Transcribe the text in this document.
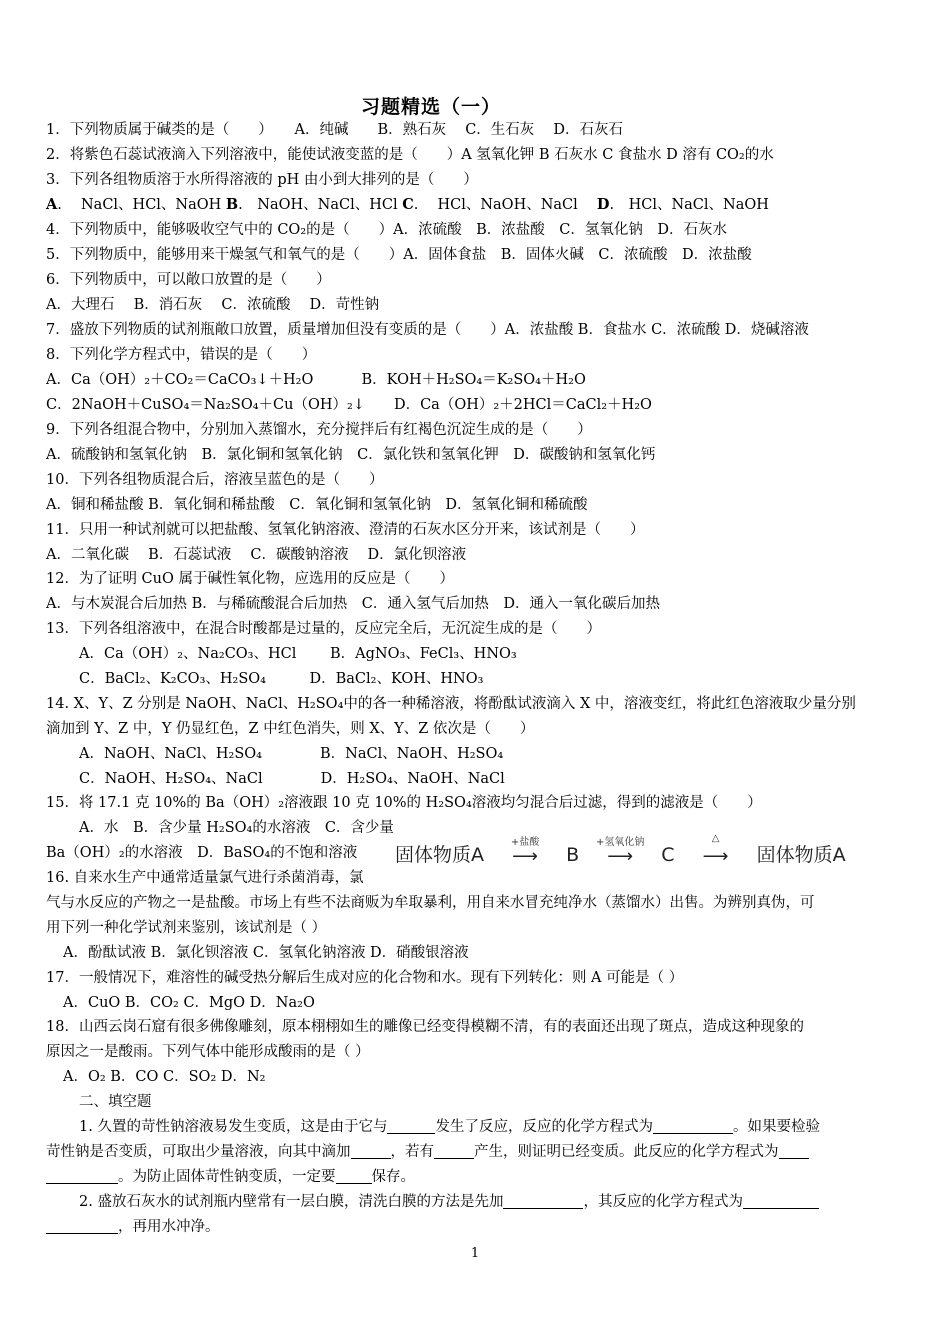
习题精选（一）
1．下列物质属于碱类的是（　　）　　A．纯碱　　B．熟石灰　 C．生石灰　 D．石灰石
2．将紫色石蕊试液滴入下列溶液中，能使试液变蓝的是（　　）A 氢氧化钾 B 石灰水 C 食盐水 D 溶有 CO₂的水
3．下列各组物质溶于水所得溶液的 pH 由小到大排列的是（　　）
A.　 NaCl、HCl、NaOH B.　NaOH、NaCl、HCl C.　 HCl、NaOH、NaCl　 D.　HCl、NaCl、NaOH
4．下列物质中，能够吸收空气中的 CO₂的是（　　）A．浓硫酸　B．浓盐酸　C．氢氧化钠　D．石灰水
5．下列物质中，能够用来干燥氢气和氧气的是（　　）A．固体食盐　B．固体火碱　C．浓硫酸　D．浓盐酸
6．下列物质中，可以敞口放置的是（　　）
A．大理石　 B．消石灰　 C．浓硫酸　 D．苛性钠
7．盛放下列物质的试剂瓶敞口放置，质量增加但没有变质的是（　　）A．浓盐酸 B．食盐水 C．浓硫酸 D．烧碱溶液
8．下列化学方程式中，错误的是（　　）
A．Ca（OH）₂＋CO₂＝CaCO₃↓＋H₂O　　　 B．KOH＋H₂SO₄＝K₂SO₄＋H₂O
C．2NaOH＋CuSO₄＝Na₂SO₄＋Cu（OH）₂↓　　D．Ca（OH）₂＋2HCl＝CaCl₂＋H₂O
9．下列各组混合物中，分别加入蒸馏水，充分搅拌后有红褐色沉淀生成的是（　　）
A．硫酸钠和氢氧化钠　B．氯化铜和氢氧化钠　C．氯化铁和氢氧化钾　D．碳酸钠和氢氧化钙
10．下列各组物质混合后，溶液呈蓝色的是（　　）
A．铜和稀盐酸 B．氧化铜和稀盐酸　C．氧化铜和氢氧化钠　D．氢氧化铜和稀硫酸
11．只用一种试剂就可以把盐酸、氢氧化钠溶液、澄清的石灰水区分开来，该试剂是（　　）
A．二氧化碳　 B．石蕊试液　 C．碳酸钠溶液　 D．氯化钡溶液
12．为了证明 CuO 属于碱性氧化物，应选用的反应是（　　）
A．与木炭混合后加热 B．与稀硫酸混合后加热　C．通入氢气后加热　D．通入一氧化碳后加热
13．下列各组溶液中，在混合时酸都是过量的，反应完全后，无沉淀生成的是（　　）
A．Ca（OH）₂、Na₂CO₃、HCl　　 B．AgNO₃、FeCl₃、HNO₃
C．BaCl₂、K₂CO₃、H₂SO₄　　　D．BaCl₂、KOH、HNO₃
14. X、Y、Z 分别是 NaOH、NaCl、H₂SO₄中的各一种稀溶液，将酚酞试液滴入 X 中，溶液变红，将此红色溶液取少量分别
滴加到 Y、Z 中，Y 仍显红色，Z 中红色消失，则 X、Y、Z 依次是（　　）
A．NaOH、NaCl、H₂SO₄　　　　B．NaCl、NaOH、H₂SO₄
C．NaOH、H₂SO₄、NaCl　　　　D．H₂SO₄、NaOH、NaCl
15．将 17.1 克 10%的 Ba（OH）₂溶液跟 10 克 10%的 H₂SO₄溶液均匀混合后过滤，得到的滤液是（　　）
A．水　B．含少量 H₂SO₄的水溶液　C．含少量
Ba（OH）₂的水溶液　D．BaSO₄的不饱和溶液
16. 自来水生产中通常适量氯气进行杀菌消毒，氯
气与水反应的产物之一是盐酸。市场上有些不法商贩为牟取暴利，用自来水冒充纯净水（蒸馏水）出售。为辨别真伪，可
用下列一种化学试剂来鉴别，该试剂是（ ）
A．酚酞试液 B．氯化钡溶液 C．氢氧化钠溶液 D．硝酸银溶液
17．一般情况下，难溶性的碱受热分解后生成对应的化合物和水。现有下列转化：则 A 可能是（ ）
A．CuO B．CO₂ C．MgO D．Na₂O
18．山西云岗石窟有很多佛像雕刻，原本栩栩如生的雕像已经变得模糊不清，有的表面还出现了斑点，造成这种现象的
原因之一是酸雨。下列气体中能形成酸雨的是（ ）
A．O₂ B．CO C．SO₂ D．N₂
二、填空题
1. 久置的苛性钠溶液易发生变质，这是由于它与	发生了反应，反应的化学方程式为	。如果要检验
苛性钠是否变质，可取出少量溶液，向其中滴加	，若有	产生，则证明已经变质。此反应的化学方程式为
。为防止固体苛性钠变质，一定要 保存。
2. 盛放石灰水的试剂瓶内壁常有一层白膜，清洗白膜的方法是先加	，其反应的化学方程式为
，再用水冲净。
固体物质A
+盐酸
⟶ B
+氢氧化钠
⟶ C
△
⟶ 固体物质A
1
